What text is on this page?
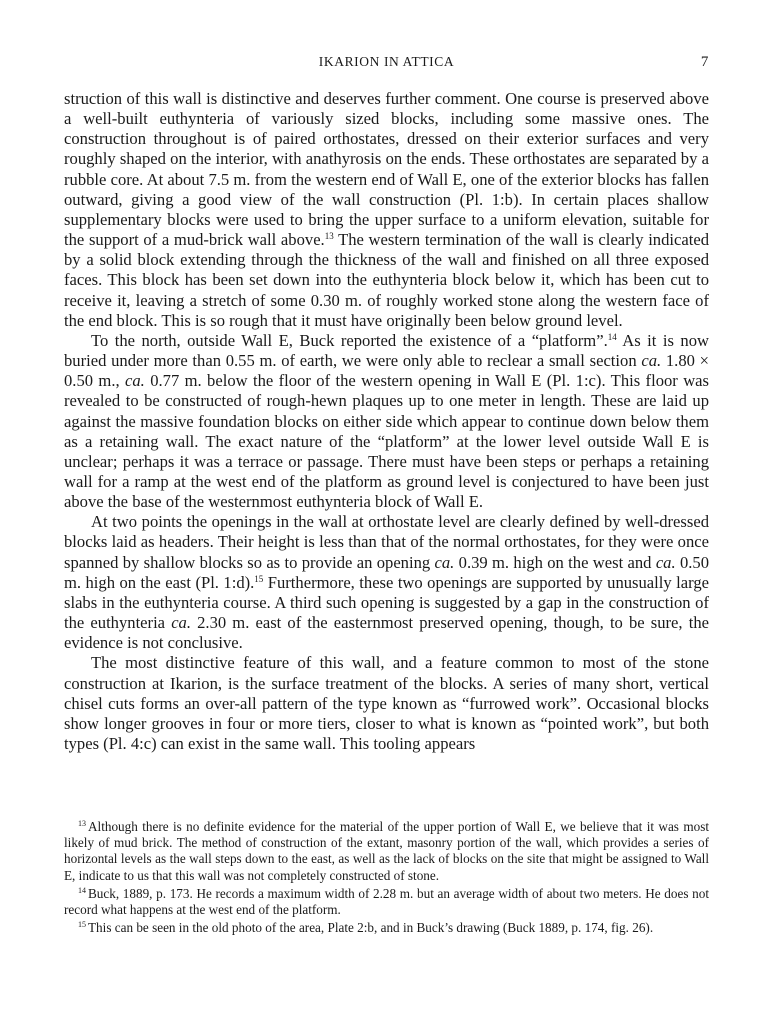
IKARION IN ATTICA	7

struction of this wall is distinctive and deserves further comment. One course is preserved above a well-built euthynteria of variously sized blocks, including some massive ones. The construction throughout is of paired orthostates, dressed on their exterior surfaces and very roughly shaped on the interior, with anathyrosis on the ends. These orthostates are separated by a rubble core. At about 7.5 m. from the western end of Wall E, one of the exterior blocks has fallen outward, giving a good view of the wall construction (Pl. 1:b). In certain places shallow supplementary blocks were used to bring the upper surface to a uniform elevation, suitable for the support of a mud-brick wall above.$^{13}$ The western termination of the wall is clearly indicated by a solid block extending through the thickness of the wall and finished on all three exposed faces. This block has been set down into the euthynteria block below it, which has been cut to receive it, leaving a stretch of some 0.30 m. of roughly worked stone along the western face of the end block. This is so rough that it must have originally been below ground level.

To the north, outside Wall E, Buck reported the existence of a “platform”.$^{14}$ As it is now buried under more than 0.55 m. of earth, we were only able to reclear a small section ca. 1.80 × 0.50 m., ca. 0.77 m. below the floor of the western opening in Wall E (Pl. 1:c). This floor was revealed to be constructed of rough-hewn plaques up to one meter in length. These are laid up against the massive foundation blocks on either side which appear to continue down below them as a retaining wall. The exact nature of the “platform” at the lower level outside Wall E is unclear; perhaps it was a terrace or passage. There must have been steps or perhaps a retaining wall for a ramp at the west end of the platform as ground level is conjectured to have been just above the base of the westernmost euthynteria block of Wall E.

At two points the openings in the wall at orthostate level are clearly defined by well-dressed blocks laid as headers. Their height is less than that of the normal orthostates, for they were once spanned by shallow blocks so as to provide an opening ca. 0.39 m. high on the west and ca. 0.50 m. high on the east (Pl. 1:d).$^{15}$ Furthermore, these two openings are supported by unusually large slabs in the euthynteria course. A third such opening is suggested by a gap in the construction of the euthynteria ca. 2.30 m. east of the easternmost preserved opening, though, to be sure, the evidence is not conclusive.

The most distinctive feature of this wall, and a feature common to most of the stone construction at Ikarion, is the surface treatment of the blocks. A series of many short, vertical chisel cuts forms an over-all pattern of the type known as “furrowed work”. Occasional blocks show longer grooves in four or more tiers, closer to what is known as “pointed work”, but both types (Pl. 4:c) can exist in the same wall. This tooling appears

$^{13}$ Although there is no definite evidence for the material of the upper portion of Wall E, we believe that it was most likely of mud brick. The method of construction of the extant, masonry portion of the wall, which provides a series of horizontal levels as the wall steps down to the east, as well as the lack of blocks on the site that might be assigned to Wall E, indicate to us that this wall was not completely constructed of stone.

$^{14}$ Buck, 1889, p. 173. He records a maximum width of 2.28 m. but an average width of about two meters. He does not record what happens at the west end of the platform.

$^{15}$ This can be seen in the old photo of the area, Plate 2:b, and in Buck’s drawing (Buck 1889, p. 174, fig. 26).
